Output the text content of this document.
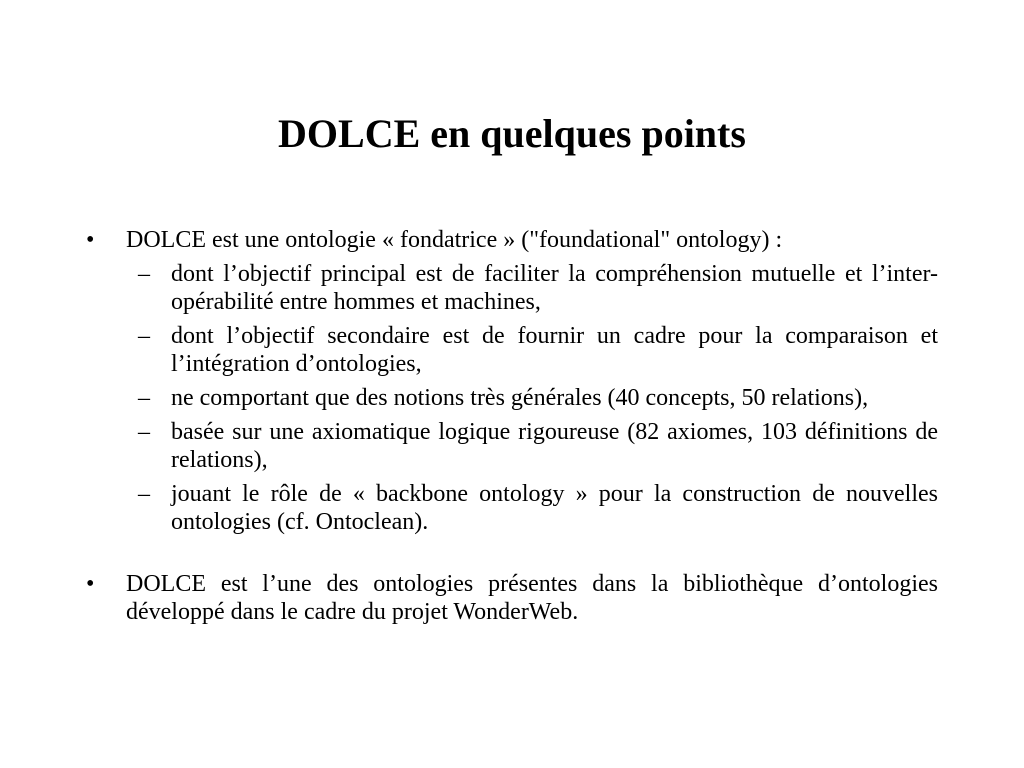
DOLCE en quelques points
•	DOLCE est une ontologie « fondatrice » ("foundational" ontology) :
– dont l’objectif principal est de faciliter la compréhension mutuelle et l’inter-opérabilité entre hommes et machines,
– dont l’objectif secondaire est de fournir un cadre pour la comparaison et l’intégration d’ontologies,
– ne comportant que des notions très générales (40 concepts, 50 relations),
– basée sur une axiomatique logique rigoureuse (82 axiomes, 103 définitions de relations),
– jouant le rôle de « backbone ontology » pour la construction de nouvelles ontologies (cf. Ontoclean).
•	DOLCE est l’une des ontologies présentes dans la bibliothèque d’ontologies développé dans le cadre du projet WonderWeb.
